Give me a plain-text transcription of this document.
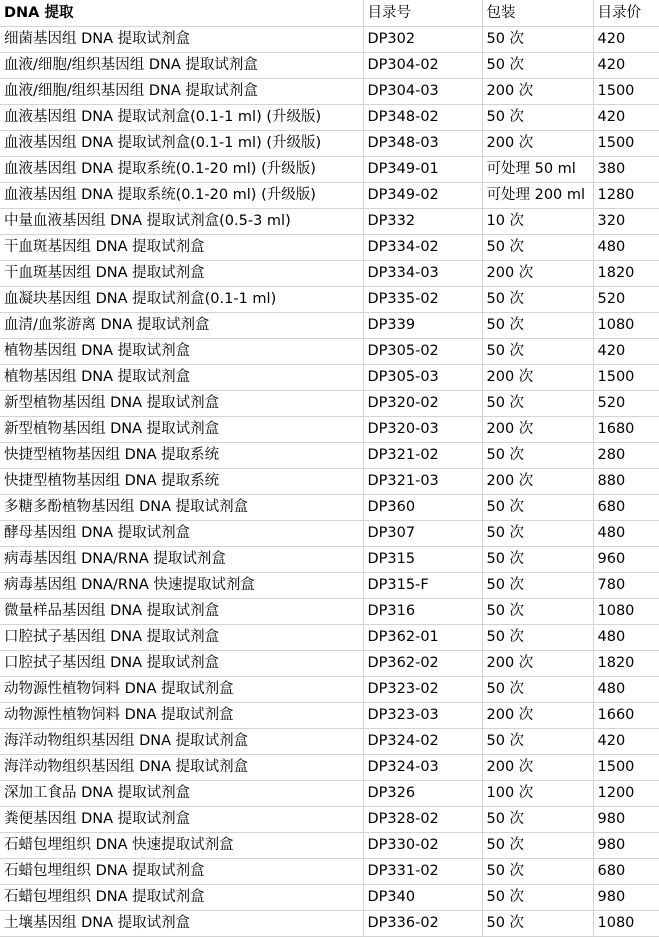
DNA 提取	目录号	包装	目录价
细菌基因组 DNA 提取试剂盒	DP302	50 次	420
血液/细胞/组织基因组 DNA 提取试剂盒	DP304-02	50 次	420
血液/细胞/组织基因组 DNA 提取试剂盒	DP304-03	200 次	1500
血液基因组 DNA 提取试剂盒(0.1-1 ml) (升级版)	DP348-02	50 次	420
血液基因组 DNA 提取试剂盒(0.1-1 ml) (升级版)	DP348-03	200 次	1500
血液基因组 DNA 提取系统(0.1-20 ml) (升级版)	DP349-01	可处理 50 ml	380
血液基因组 DNA 提取系统(0.1-20 ml) (升级版)	DP349-02	可处理 200 ml	1280
中量血液基因组 DNA 提取试剂盒(0.5-3 ml)	DP332	10 次	320
干血斑基因组 DNA 提取试剂盒	DP334-02	50 次	480
干血斑基因组 DNA 提取试剂盒	DP334-03	200 次	1820
血凝块基因组 DNA 提取试剂盒(0.1-1 ml)	DP335-02	50 次	520
血清/血浆游离 DNA 提取试剂盒	DP339	50 次	1080
植物基因组 DNA 提取试剂盒	DP305-02	50 次	420
植物基因组 DNA 提取试剂盒	DP305-03	200 次	1500
新型植物基因组 DNA 提取试剂盒	DP320-02	50 次	520
新型植物基因组 DNA 提取试剂盒	DP320-03	200 次	1680
快捷型植物基因组 DNA 提取系统	DP321-02	50 次	280
快捷型植物基因组 DNA 提取系统	DP321-03	200 次	880
多糖多酚植物基因组 DNA 提取试剂盒	DP360	50 次	680
酵母基因组 DNA 提取试剂盒	DP307	50 次	480
病毒基因组 DNA/RNA 提取试剂盒	DP315	50 次	960
病毒基因组 DNA/RNA 快速提取试剂盒	DP315-F	50 次	780
微量样品基因组 DNA 提取试剂盒	DP316	50 次	1080
口腔拭子基因组 DNA 提取试剂盒	DP362-01	50 次	480
口腔拭子基因组 DNA 提取试剂盒	DP362-02	200 次	1820
动物源性植物饲料 DNA 提取试剂盒	DP323-02	50 次	480
动物源性植物饲料 DNA 提取试剂盒	DP323-03	200 次	1660
海洋动物组织基因组 DNA 提取试剂盒	DP324-02	50 次	420
海洋动物组织基因组 DNA 提取试剂盒	DP324-03	200 次	1500
深加工食品 DNA 提取试剂盒	DP326	100 次	1200
粪便基因组 DNA 提取试剂盒	DP328-02	50 次	980
石蜡包埋组织 DNA 快速提取试剂盒	DP330-02	50 次	980
石蜡包埋组织 DNA 提取试剂盒	DP331-02	50 次	680
石蜡包埋组织 DNA 提取试剂盒	DP340	50 次	980
土壤基因组 DNA 提取试剂盒	DP336-02	50 次	1080
